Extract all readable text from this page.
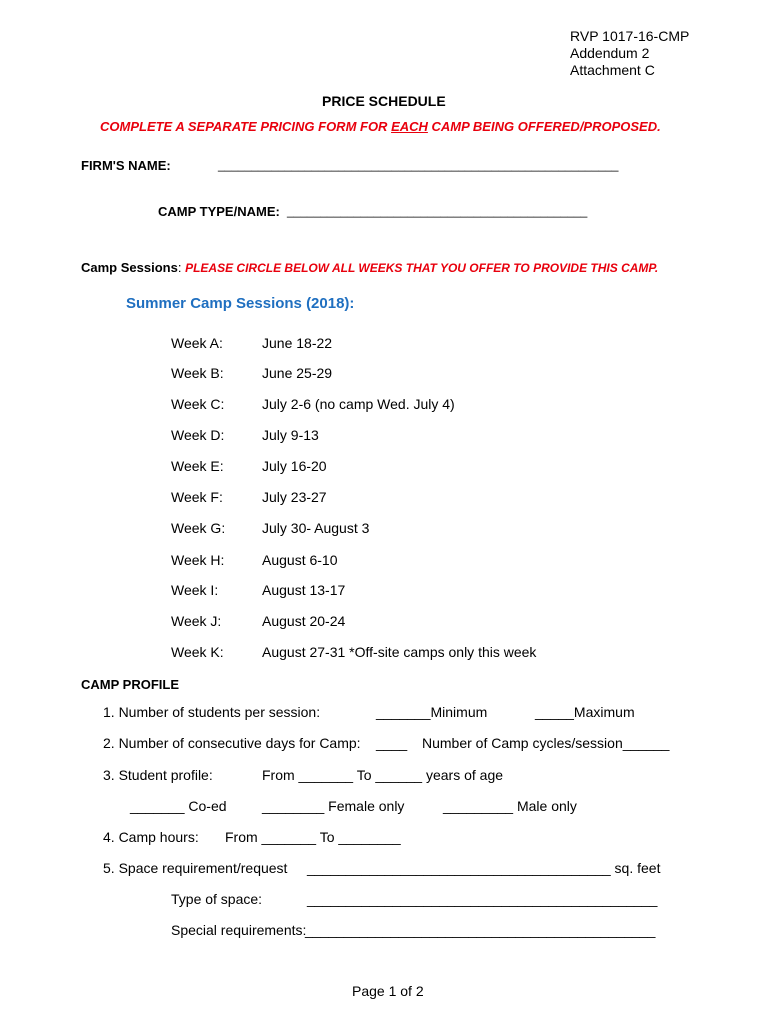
RVP 1017-16-CMP
Addendum 2
Attachment C
PRICE SCHEDULE
COMPLETE A SEPARATE PRICING FORM FOR EACH CAMP BEING OFFERED/PROPOSED.
FIRM'S NAME:	____________________________________________________________
CAMP TYPE/NAME: _____________________________________________
Camp Sessions: PLEASE CIRCLE BELOW ALL WEEKS THAT YOU OFFER TO PROVIDE THIS CAMP.
Summer Camp Sessions (2018):
Week A:	June 18-22
Week B:	June 25-29
Week C:	July 2-6 (no camp Wed. July 4)
Week D:	July 9-13
Week E:	July 16-20
Week F:	July 23-27
Week G:	July 30- August 3
Week H:	August 6-10
Week I:	August 13-17
Week J:	August 20-24
Week K:	August 27-31 *Off-site camps only this week
CAMP PROFILE
1. Number of students per session:	_______Minimum	_____Maximum
2. Number of consecutive days for Camp: ____ Number of Camp cycles/session______
3. Student profile:	From _______ To ______ years of age
_______ Co-ed	________ Female only	_________ Male only
4. Camp hours: From _______ To ________
5. Space requirement/request _______________________________________ sq. feet
Type of space:	_____________________________________________
Special requirements:
_____________________________________________
Page 1 of 2
